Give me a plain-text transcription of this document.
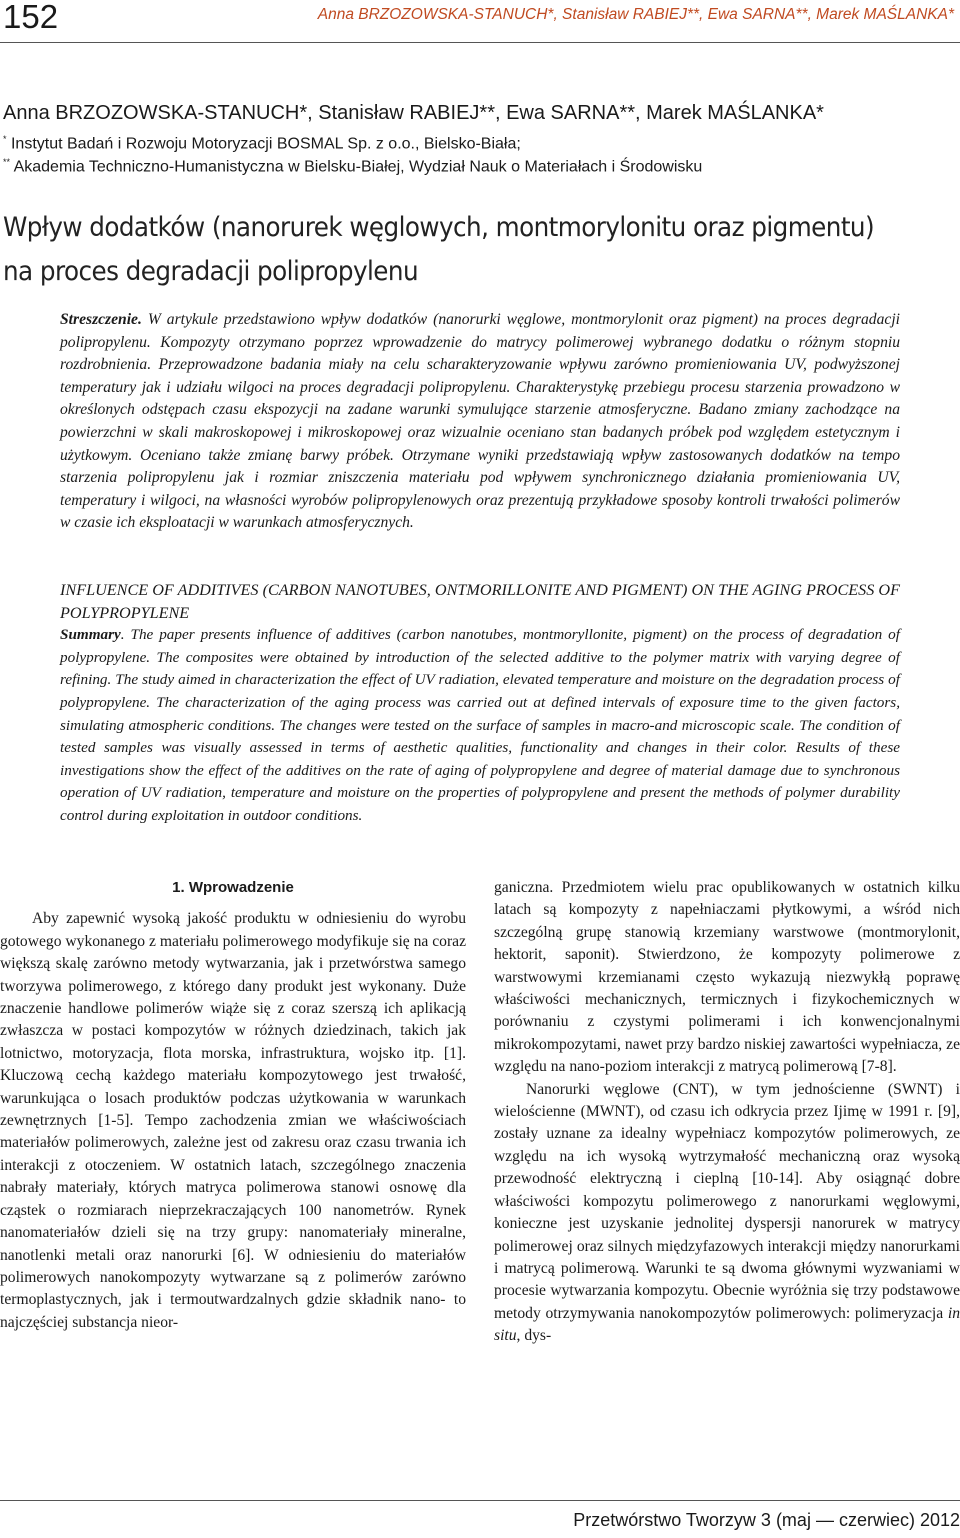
152	Anna BRZOZOWSKA-STANUCH*, Stanisław RABIEJ**, Ewa SARNA**, Marek MAŚLANKA*
Anna BRZOZOWSKA-STANUCH*, Stanisław RABIEJ**, Ewa SARNA**, Marek MAŚLANKA*
* Instytut Badań i Rozwoju Motoryzacji BOSMAL Sp. z o.o., Bielsko-Biała;
** Akademia Techniczno-Humanistyczna w Bielsku-Białej, Wydział Nauk o Materiałach i Środowisku
Wpływ dodatków (nanorurek węglowych, montmorylonitu oraz pigmentu) na proces degradacji polipropylenu
Streszczenie. W artykule przedstawiono wpływ dodatków (nanorurki węglowe, montmorylonit oraz pigment) na proces degradacji polipropylenu. Kompozyty otrzymano poprzez wprowadzenie do matrycy polimerowej wybranego dodatku o różnym stopniu rozdrobnienia. Przeprowadzone badania miały na celu scharakteryzowanie wpływu zarówno promieniowania UV, podwyższonej temperatury jak i udziału wilgoci na proces degradacji polipropylenu. Charakterystykę przebiegu procesu starzenia prowadzono w określonych odstępach czasu ekspozycji na zadane warunki symulujące starzenie atmosferyczne. Badano zmiany zachodzące na powierzchni w skali makroskopowej i mikroskopowej oraz wizualnie oceniano stan badanych próbek pod względem estetycznym i użytkowym. Oceniano także zmianę barwy próbek. Otrzymane wyniki przedstawiają wpływ zastosowanych dodatków na tempo starzenia polipropylenu jak i rozmiar zniszczenia materiału pod wpływem synchronicznego działania promieniowania UV, temperatury i wilgoci, na własności wyrobów polipropylenowych oraz prezentują przykładowe sposoby kontroli trwałości polimerów w czasie ich eksploatacji w warunkach atmosferycznych.
INFLUENCE OF ADDITIVES (CARBON NANOTUBES, ONTMORILLONITE AND PIGMENT) ON THE AGING PROCESS OF POLYPROPYLENE
Summary. The paper presents influence of additives (carbon nanotubes, montmoryllonite, pigment) on the process of degradation of polypropylene. The composites were obtained by introduction of the selected additive to the polymer matrix with varying degree of refining. The study aimed in characterization the effect of UV radiation, elevated temperature and moisture on the degradation process of polypropylene. The characterization of the aging process was carried out at defined intervals of exposure time to the given factors, simulating atmospheric conditions. The changes were tested on the surface of samples in macro-and microscopic scale. The condition of tested samples was visually assessed in terms of aesthetic qualities, functionality and changes in their color. Results of these investigations show the effect of the additives on the rate of aging of polypropylene and degree of material damage due to synchronous operation of UV radiation, temperature and moisture on the properties of polypropylene and present the methods of polymer durability control during exploitation in outdoor conditions.
1. Wprowadzenie

Aby zapewnić wysoką jakość produktu w odniesieniu do wyrobu gotowego wykonanego z materiału polimerowego modyfikuje się na coraz większą skalę zarówno metody wytwarzania, jak i przetwórstwa samego tworzywa polimerowego, z którego dany produkt jest wykonany. Duże znaczenie handlowe polimerów wiąże się z coraz szerszą ich aplikacją zwłaszcza w postaci kompozytów w różnych dziedzinach, takich jak lotnictwo, motoryzacja, flota morska, infrastruktura, wojsko itp. [1]. Kluczową cechą każdego materiału kompozytowego jest trwałość, warunkująca o losach produktów podczas użytkowania w warunkach zewnętrznych [1-5]. Tempo zachodzenia zmian we właściwościach materiałów polimerowych, zależne jest od zakresu oraz czasu trwania ich interakcji z otoczeniem. W ostatnich latach, szczególnego znaczenia nabrały materiały, których matryca polimerowa stanowi osnowę dla cząstek o rozmiarach nieprzekraczających 100 nanometrów. Rynek nanomateriałów dzieli się na trzy grupy: nanomateriały mineralne, nanotlenki metali oraz nanorurki [6]. W odniesieniu do materiałów polimerowych nanokompozyty wytwarzane są z polimerów zarówno termoplastycznych, jak i termoutwardzalnych gdzie składnik nano- to najczęściej substancja nieor-

ganiczna. Przedmiotem wielu prac opublikowanych w ostatnich kilku latach są kompozyty z napełniaczami płytkowymi, a wśród nich szczególną grupę stanowią krzemiany warstwowe (montmorylonit, hektorit, saponit). Stwierdzono, że kompozyty polimerowe z warstwowymi krzemianami często wykazują niezwykłą poprawę właściwości mechanicznych, termicznych i fizykochemicznych w porównaniu z czystymi polimerami i ich konwencjonalnymi mikrokompozytami, nawet przy bardzo niskiej zawartości wypełniacza, ze względu na nano-poziom interakcji z matrycą polimerową [7-8].

Nanorurki węglowe (CNT), w tym jednościenne (SWNT) i wielościenne (MWNT), od czasu ich odkrycia przez Ijimę w 1991 r. [9], zostały uznane za idealny wypełniacz kompozytów polimerowych, ze względu na ich wysoką wytrzymałość mechaniczną oraz wysoką przewodność elektryczną i cieplną [10-14]. Aby osiągnąć dobre właściwości kompozytu polimerowego z nanorurkami węglowymi, konieczne jest uzyskanie jednolitej dyspersji nanorurek w matrycy polimerowej oraz silnych międzyfazowych interakcji między nanorurkami i matrycą polimerową. Warunki te są dwoma głównymi wyzwaniami w procesie wytwarzania kompozytu. Obecnie wyróżnia się trzy podstawowe metody otrzymywania nanokompozytów polimerowych: polimeryzacja in situ, dys-

Przetwórstwo Tworzyw 3 (maj — czerwiec) 2012
